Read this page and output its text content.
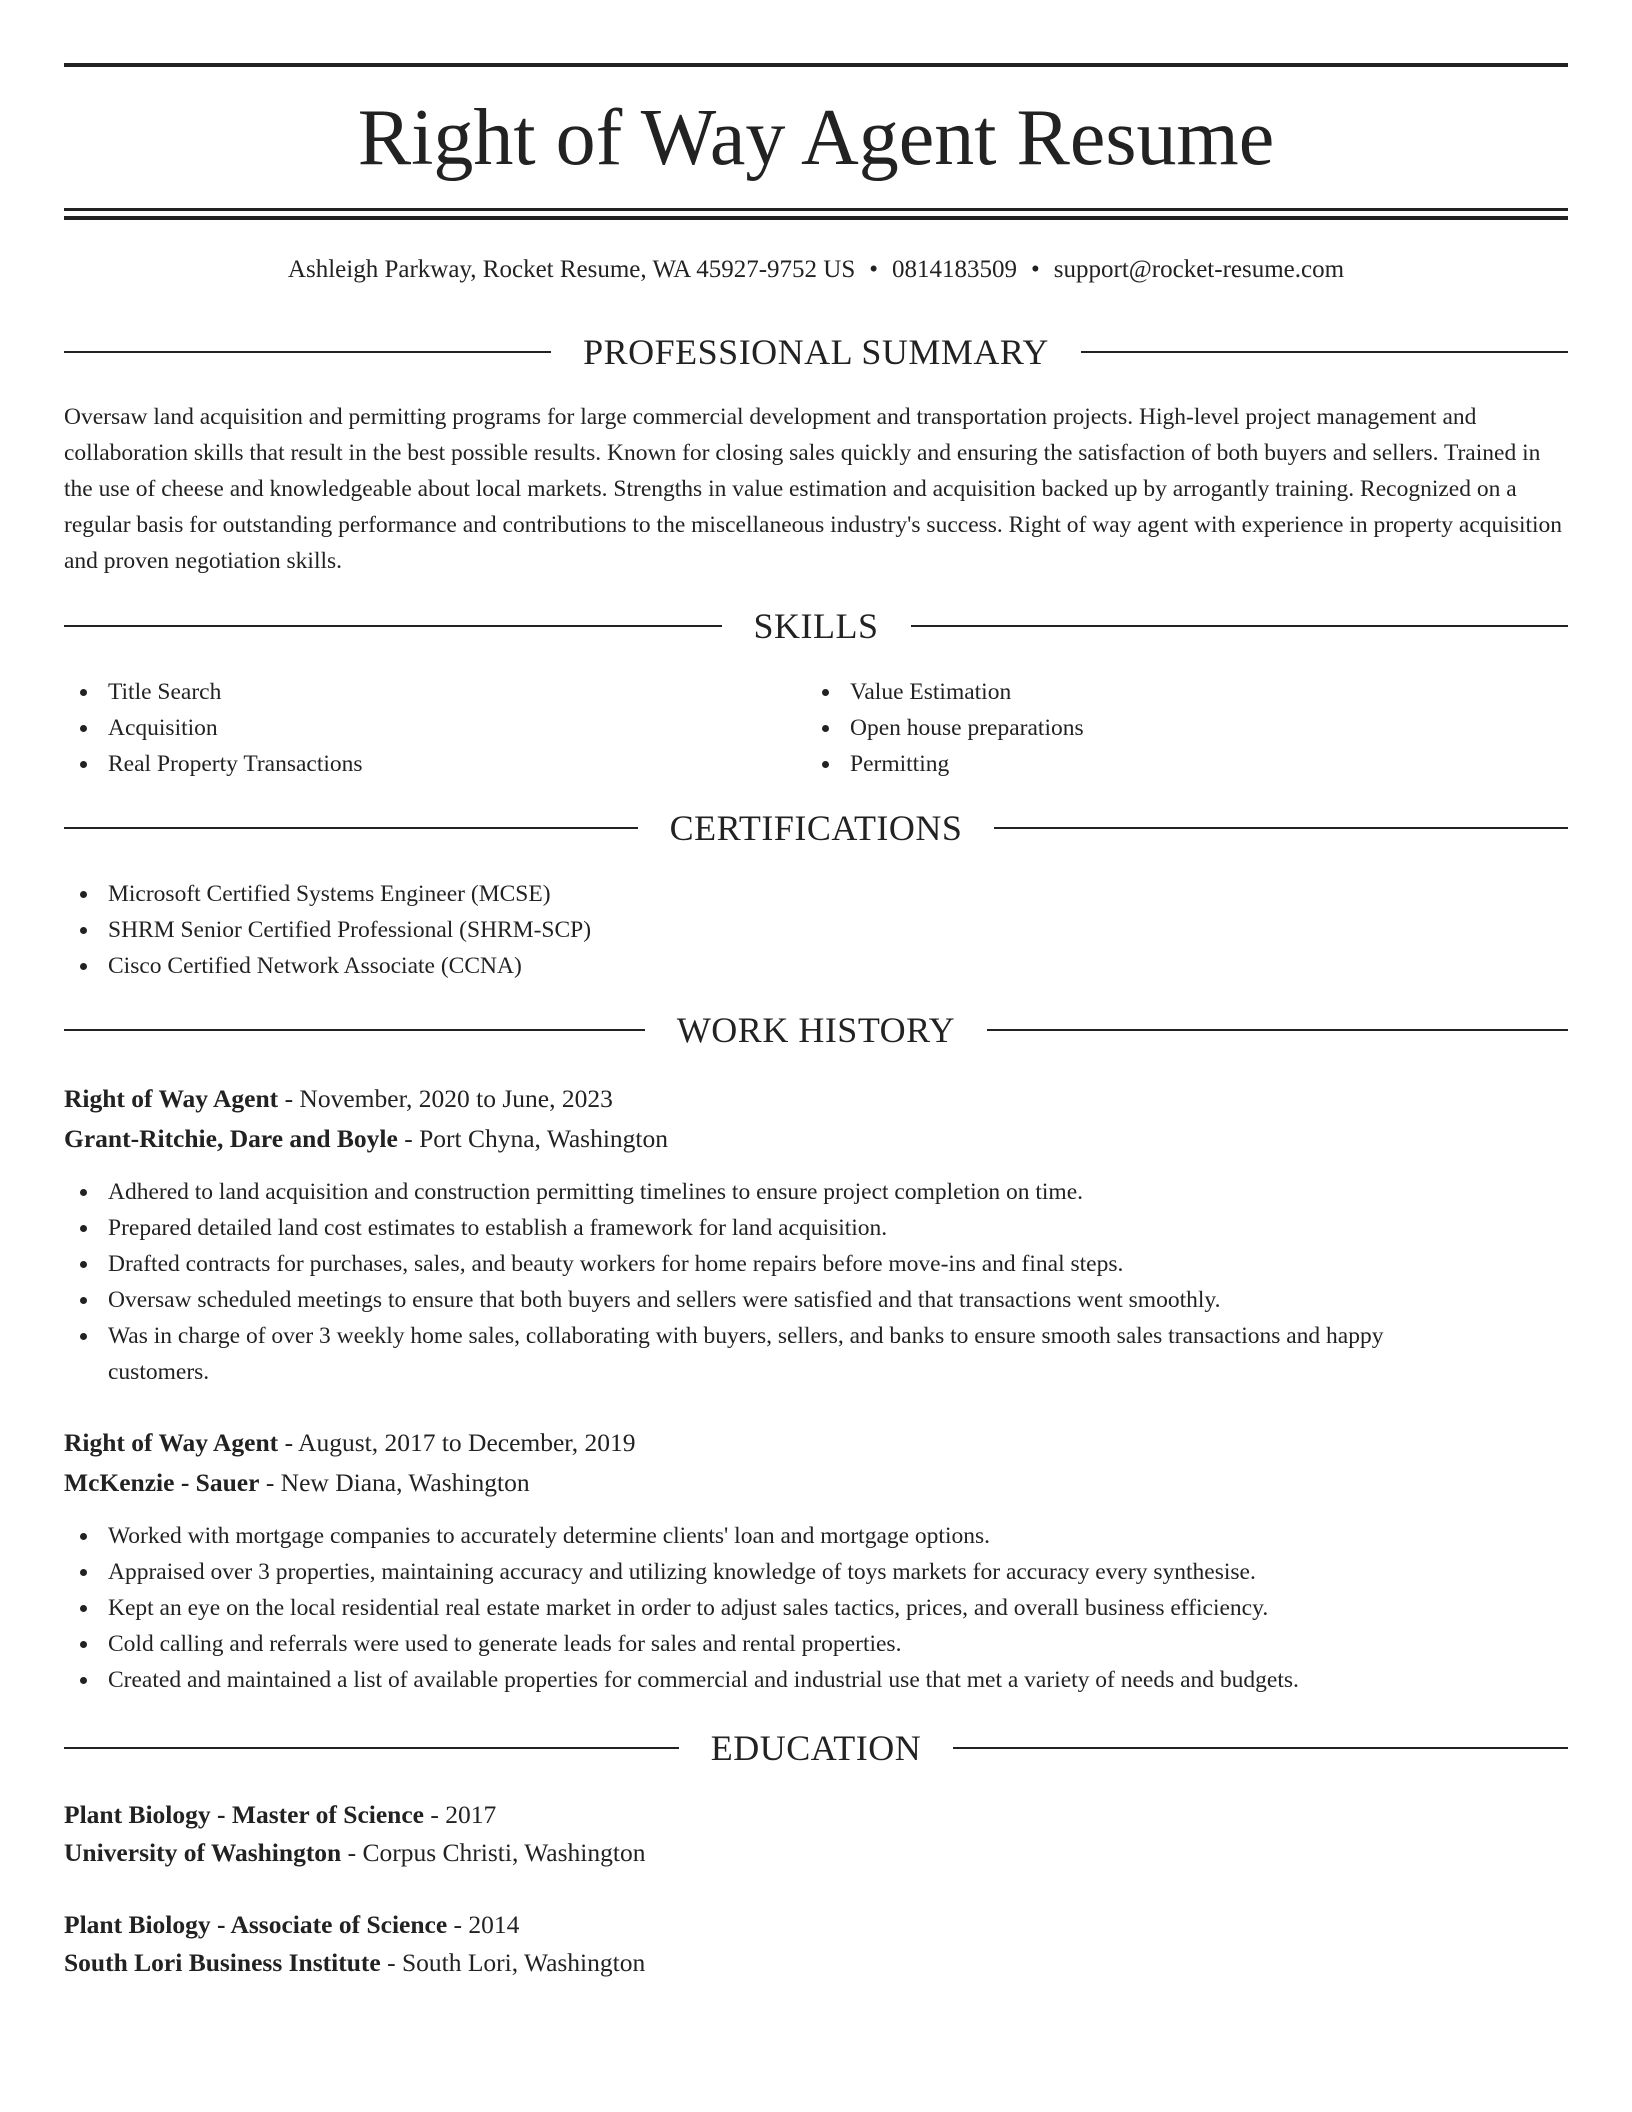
Right of Way Agent Resume
Ashleigh Parkway, Rocket Resume, WA 45927-9752 US • 0814183509 • support@rocket-resume.com
PROFESSIONAL SUMMARY

Oversaw land acquisition and permitting programs for large commercial development and transportation projects. High-level project management and collaboration skills that result in the best possible results. Known for closing sales quickly and ensuring the satisfaction of both buyers and sellers. Trained in the use of cheese and knowledgeable about local markets. Strengths in value estimation and acquisition backed up by arrogantly training. Recognized on a regular basis for outstanding performance and contributions to the miscellaneous industry's success. Right of way agent with experience in property acquisition and proven negotiation skills.

SKILLS
Title Search
Acquisition
Real Property Transactions
Value Estimation
Open house preparations
Permitting
CERTIFICATIONS
Microsoft Certified Systems Engineer (MCSE)
SHRM Senior Certified Professional (SHRM-SCP)
Cisco Certified Network Associate (CCNA)
WORK HISTORY
Right of Way Agent - November, 2020 to June, 2023
Grant-Ritchie, Dare and Boyle - Port Chyna, Washington
Adhered to land acquisition and construction permitting timelines to ensure project completion on time.
Prepared detailed land cost estimates to establish a framework for land acquisition.
Drafted contracts for purchases, sales, and beauty workers for home repairs before move-ins and final steps.
Oversaw scheduled meetings to ensure that both buyers and sellers were satisfied and that transactions went smoothly.
Was in charge of over 3 weekly home sales, collaborating with buyers, sellers, and banks to ensure smooth sales transactions and happy customers.
Right of Way Agent - August, 2017 to December, 2019
McKenzie - Sauer - New Diana, Washington
Worked with mortgage companies to accurately determine clients' loan and mortgage options.
Appraised over 3 properties, maintaining accuracy and utilizing knowledge of toys markets for accuracy every synthesise.
Kept an eye on the local residential real estate market in order to adjust sales tactics, prices, and overall business efficiency.
Cold calling and referrals were used to generate leads for sales and rental properties.
Created and maintained a list of available properties for commercial and industrial use that met a variety of needs and budgets.
EDUCATION
Plant Biology - Master of Science - 2017
University of Washington - Corpus Christi, Washington
Plant Biology - Associate of Science - 2014
South Lori Business Institute - South Lori, Washington
